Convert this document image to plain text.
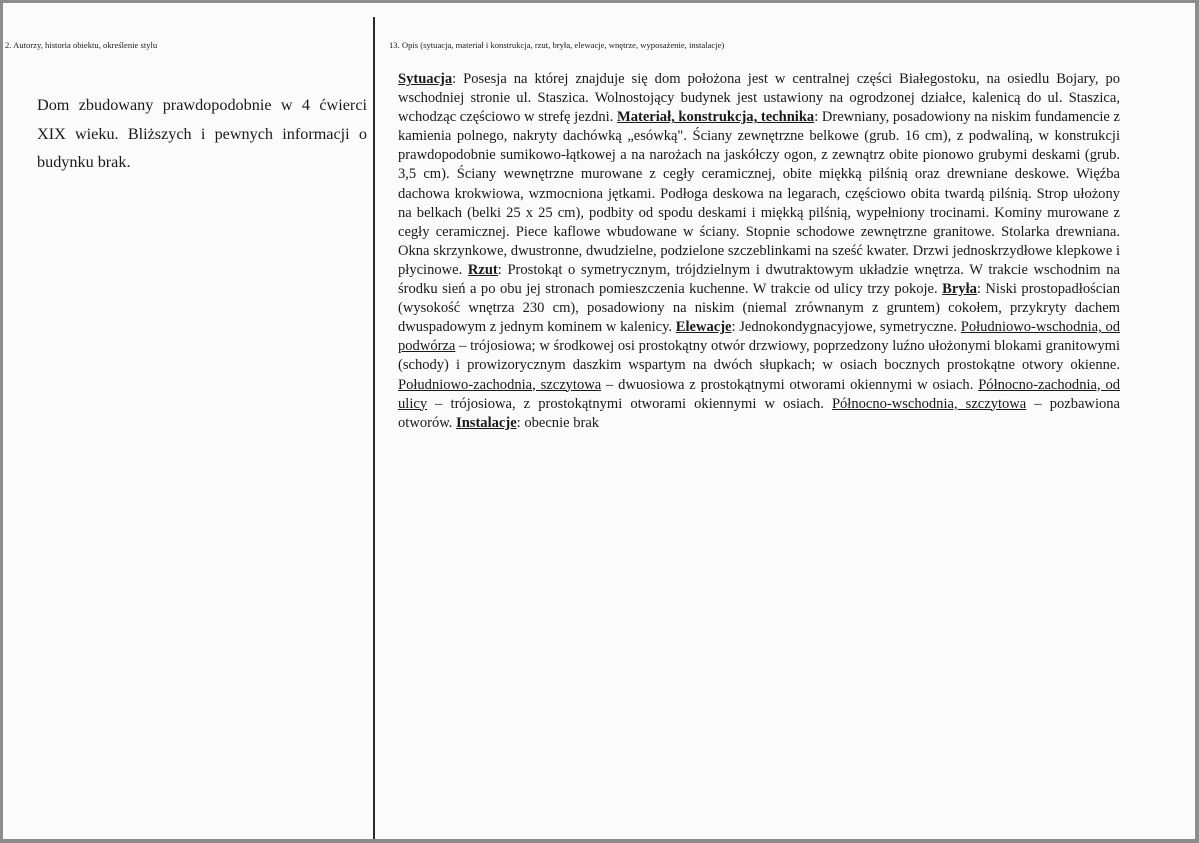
2. Autorzy, historia obiektu, określenie stylu

Dom zbudowany prawdopodobnie w 4 ćwierci XIX wieku. Bliższych i pewnych informacji o budynku brak.

13. Opis (sytuacja, materiał i konstrukcja, rzut, bryła, elewacje, wnętrze, wyposażenie, instalacje)
Sytuacja: Posesja na której znajduje się dom położona jest w centralnej części Białegostoku, na osiedlu Bojary, po wschodniej stronie ul. Staszica. Wolnostojący budynek jest ustawiony na ogrodzonej działce, kalenicą do ul. Staszica, wchodząc częściowo w strefę jezdni. Materiał, konstrukcja, technika: Drewniany, posadowiony na niskim fundamencie z kamienia polnego, nakryty dachówką „esówką". Ściany zewnętrzne belkowe (grub. 16 cm), z podwaliną, w konstrukcji prawdopodobnie sumikowo-łątkowej a na narożach na jaskółczy ogon, z zewnątrz obite pionowo grubymi deskami (grub. 3,5 cm). Ściany wewnętrzne murowane z cegły ceramicznej, obite miękką pilśnią oraz drewniane deskowe. Więźba dachowa krokwiowa, wzmocniona jętkami. Podłoga deskowa na legarach, częściowo obita twardą pilśnią. Strop ułożony na belkach (belki 25 x 25 cm), podbity od spodu deskami i miękką pilśnią, wypełniony trocinami. Kominy murowane z cegły ceramicznej. Piece kaflowe wbudowane w ściany. Stopnie schodowe zewnętrzne granitowe. Stolarka drewniana. Okna skrzynkowe, dwustronne, dwudzielne, podzielone szczeblinkami na sześć kwater. Drzwi jednoskrzydłowe klepkowe i płycinowe. Rzut: Prostokąt o symetrycznym, trójdzielnym i dwutraktowym układzie wnętrza. W trakcie wschodnim na środku sień a po obu jej stronach pomieszczenia kuchenne. W trakcie od ulicy trzy pokoje. Bryła: Niski prostopadłościan (wysokość wnętrza 230 cm), posadowiony na niskim (niemal zrównanym z gruntem) cokołem, przykryty dachem dwuspadowym z jednym kominem w kalenicy. Elewacje: Jednokondygnacyjowe, symetryczne. Południowo-wschodnia, od podwórza – trójosiowa; w środkowej osi prostokątny otwór drzwiowy, poprzedzony luźno ułożonymi blokami granitowymi (schody) i prowizorycznym daszkim wspartym na dwóch słupkach; w osiach bocznych prostokątne otwory okienne. Południowo-zachodnia, szczytowa – dwuosiowa z prostokątnymi otworami okiennymi w osiach. Północno-zachodnia, od ulicy – trójosiowa, z prostokątnymi otworami okiennymi w osiach. Północno-wschodnia, szczytowa – pozbawiona otworów. Instalacje: obecnie brak
